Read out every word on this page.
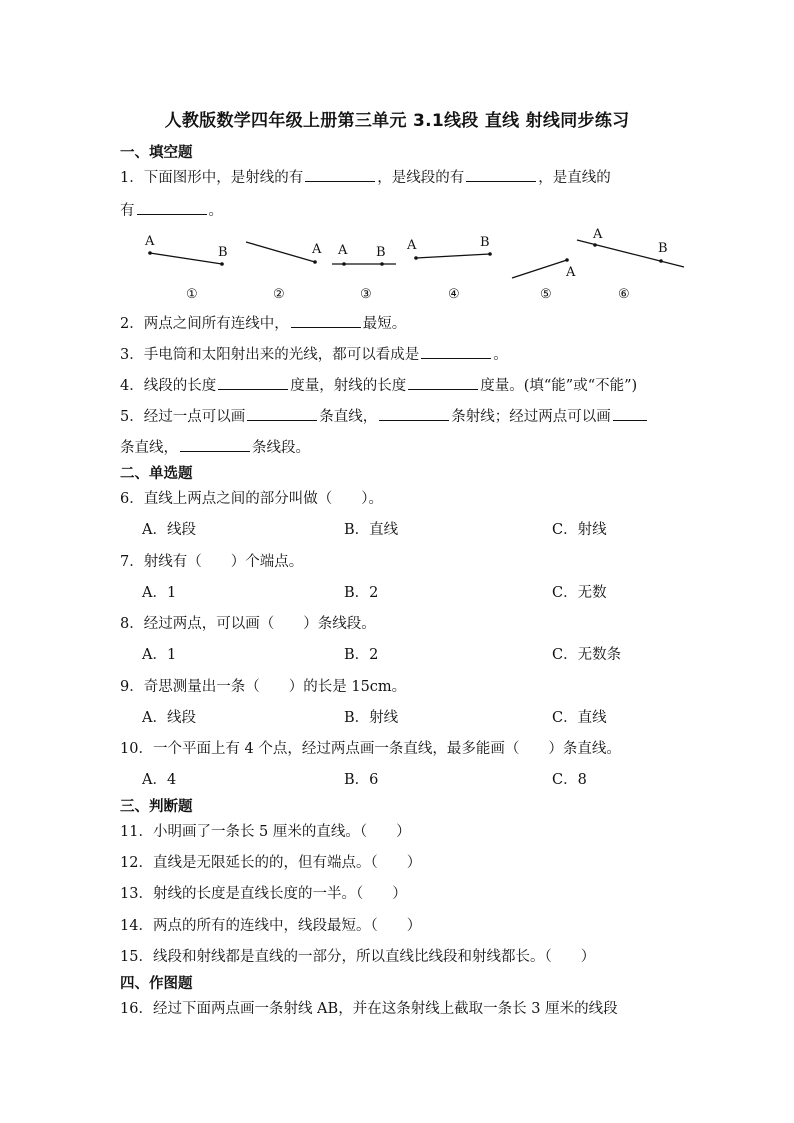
人教版数学四年级上册第三单元 3.1线段 直线 射线同步练习
一、填空题
1．下面图形中，是射线的有	，是线段的有	，是直线的
有	。
A
B
①
A
②
A B
③
A	B
④
A
⑤
A
B
⑥
2．两点之间所有连线中，	最短。
3．手电筒和太阳射出来的光线，都可以看成是	。
4．线段的长度	度量，射线的长度	度量。(填“能”或“不能”)
5．经过一点可以画	条直线，	条射线；经过两点可以画
条直线，	条线段。
二、单选题
6．直线上两点之间的部分叫做（　　）。
A．线段	B．直线	C．射线
7．射线有（　　）个端点。
A．1	B．2	C．无数
8．经过两点，可以画（　　）条线段。
A．1	B．2	C．无数条
9．奇思测量出一条（　　）的长是 15cm。
A．线段	B．射线	C．直线
10．一个平面上有 4 个点，经过两点画一条直线，最多能画（　　）条直线。
A．4	B．6	C．8
三、判断题
11．小明画了一条长 5 厘米的直线。（　　）
12．直线是无限延长的的，但有端点。（　　）
13．射线的长度是直线长度的一半。（　　）
14．两点的所有的连线中，线段最短。（　　）
15．线段和射线都是直线的一部分，所以直线比线段和射线都长。（　　）
四、作图题
16．经过下面两点画一条射线 AB，并在这条射线上截取一条长 3 厘米的线段
